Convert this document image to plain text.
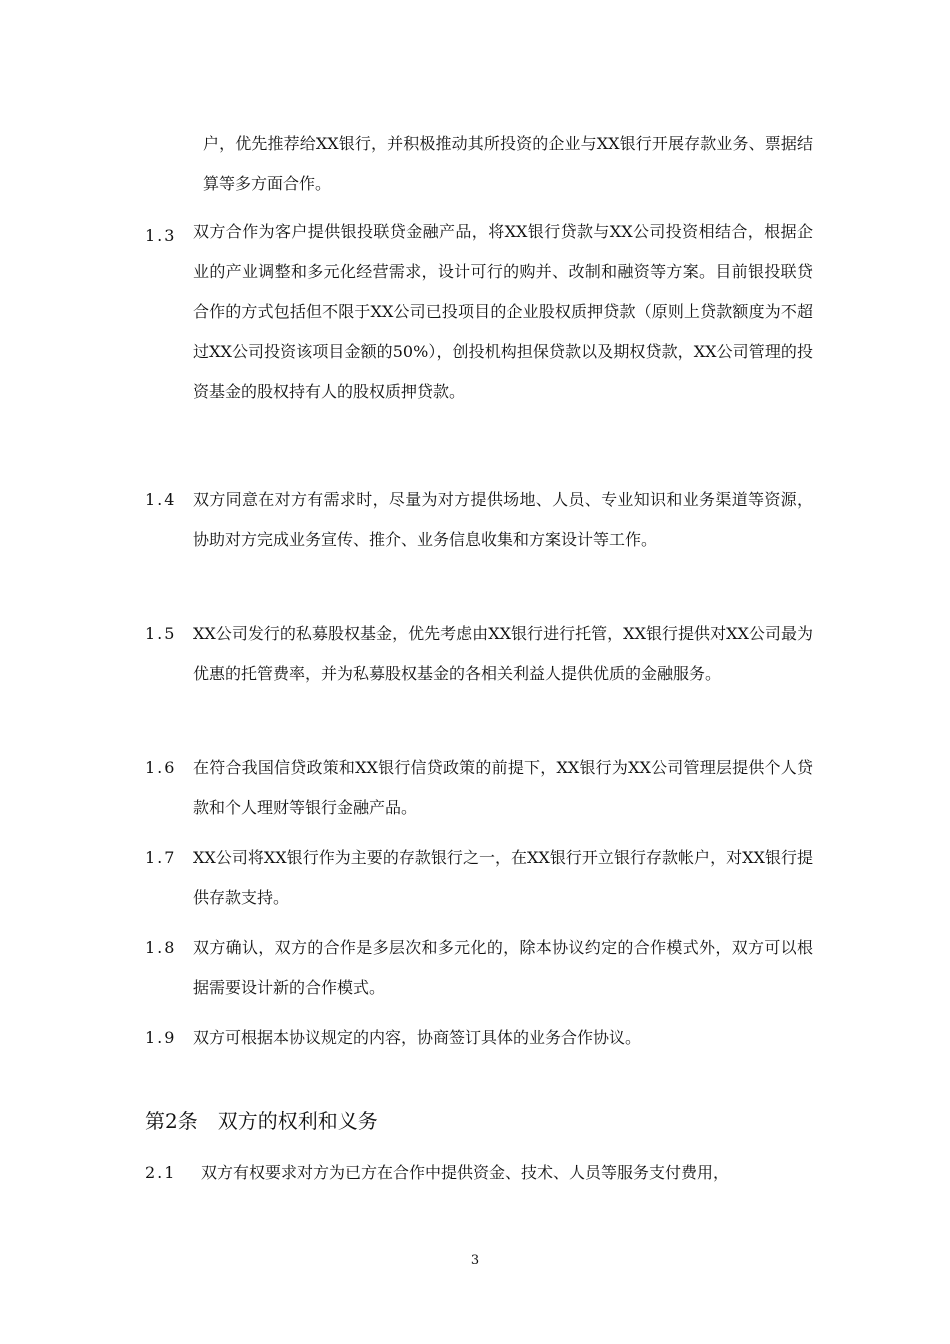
户，优先推荐给XX银行，并积极推动其所投资的企业与XX银行开展存款业务、票据结算等多方面合作。
1.3 双方合作为客户提供银投联贷金融产品，将XX银行贷款与XX公司投资相结合，根据企业的产业调整和多元化经营需求，设计可行的购并、改制和融资等方案。目前银投联贷合作的方式包括但不限于XX公司已投项目的企业股权质押贷款（原则上贷款额度为不超过XX公司投资该项目金额的50%），创投机构担保贷款以及期权贷款，XX公司管理的投资基金的股权持有人的股权质押贷款。
1.4 双方同意在对方有需求时，尽量为对方提供场地、人员、专业知识和业务渠道等资源，协助对方完成业务宣传、推介、业务信息收集和方案设计等工作。
1.5 XX公司发行的私募股权基金，优先考虑由XX银行进行托管，XX银行提供对XX公司最为优惠的托管费率，并为私募股权基金的各相关利益人提供优质的金融服务。
1.6 在符合我国信贷政策和XX银行信贷政策的前提下，XX银行为XX公司管理层提供个人贷款和个人理财等银行金融产品。
1.7 XX公司将XX银行作为主要的存款银行之一，在XX银行开立银行存款帐户，对XX银行提供存款支持。
1.8 双方确认，双方的合作是多层次和多元化的，除本协议约定的合作模式外，双方可以根据需要设计新的合作模式。
1.9 双方可根据本协议规定的内容，协商签订具体的业务合作协议。
第2条　双方的权利和义务
2.1 双方有权要求对方为已方在合作中提供资金、技术、人员等服务支付费用，
3
